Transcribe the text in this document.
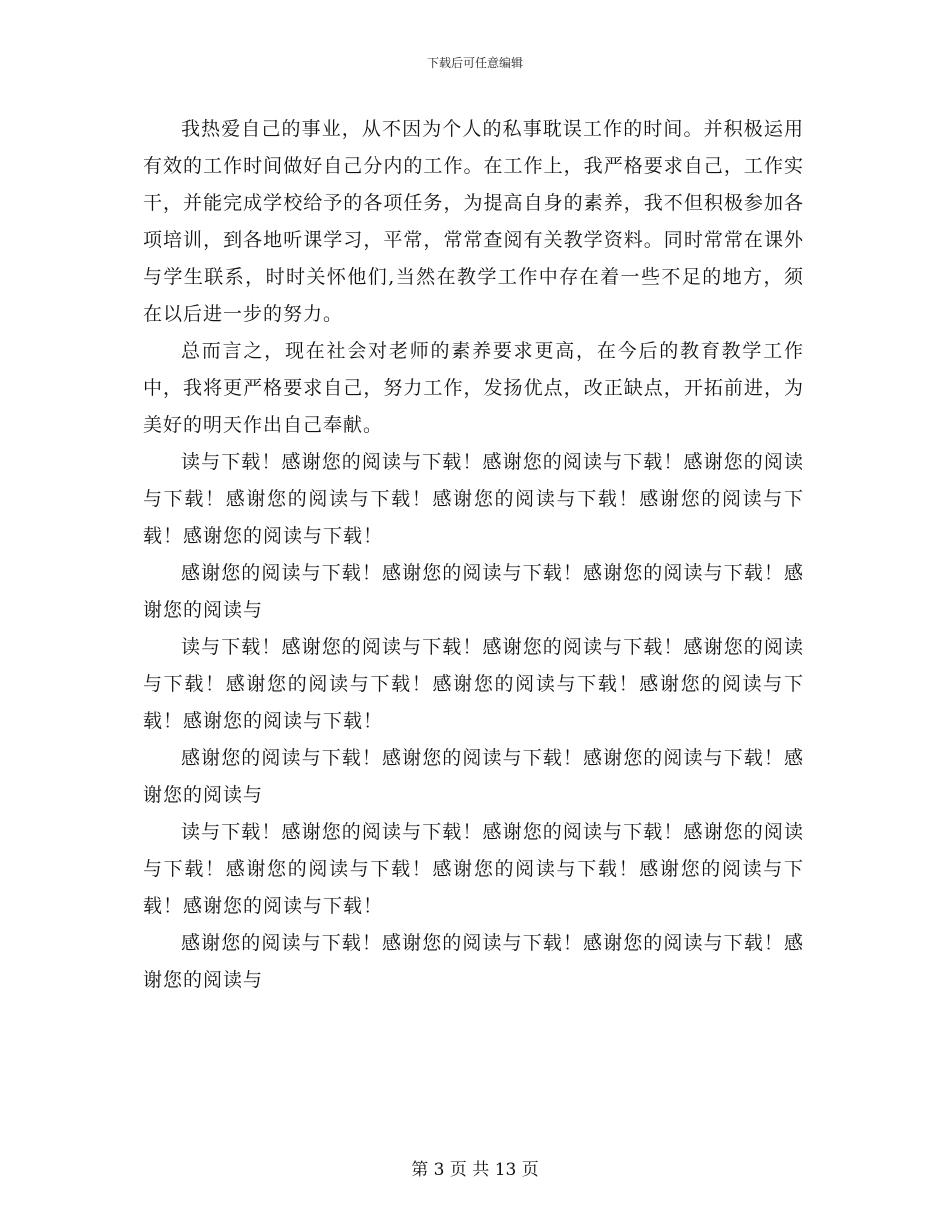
下载后可任意编辑

我热爱自己的事业，从不因为个人的私事耽误工作的时间。并积极运用有效的工作时间做好自己分内的工作。在工作上，我严格要求自己，工作实干，并能完成学校给予的各项任务，为提高自身的素养，我不但积极参加各项培训，到各地听课学习，平常，常常查阅有关教学资料。同时常常在课外与学生联系，时时关怀他们,当然在教学工作中存在着一些不足的地方，须在以后进一步的努力。

总而言之，现在社会对老师的素养要求更高，在今后的教育教学工作中，我将更严格要求自己，努力工作，发扬优点，改正缺点，开拓前进，为美好的明天作出自己奉献。

读与下载！感谢您的阅读与下载！感谢您的阅读与下载！感谢您的阅读与下载！感谢您的阅读与下载！感谢您的阅读与下载！感谢您的阅读与下载！感谢您的阅读与下载！

感谢您的阅读与下载！感谢您的阅读与下载！感谢您的阅读与下载！感谢您的阅读与

读与下载！感谢您的阅读与下载！感谢您的阅读与下载！感谢您的阅读与下载！感谢您的阅读与下载！感谢您的阅读与下载！感谢您的阅读与下载！感谢您的阅读与下载！

感谢您的阅读与下载！感谢您的阅读与下载！感谢您的阅读与下载！感谢您的阅读与

读与下载！感谢您的阅读与下载！感谢您的阅读与下载！感谢您的阅读与下载！感谢您的阅读与下载！感谢您的阅读与下载！感谢您的阅读与下载！感谢您的阅读与下载！

感谢您的阅读与下载！感谢您的阅读与下载！感谢您的阅读与下载！感谢您的阅读与

第 3 页 共 13 页
